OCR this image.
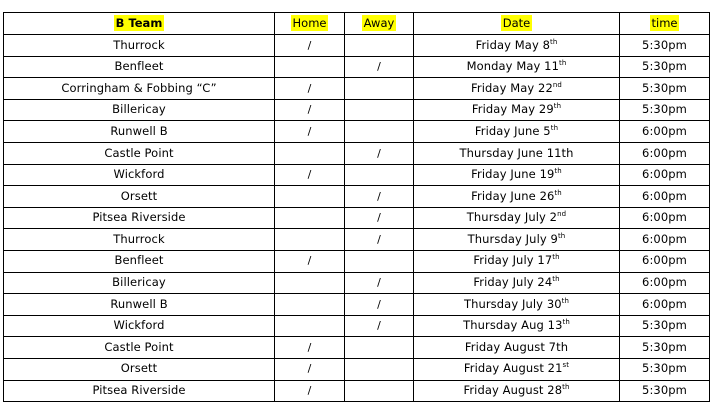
B Team	Home	Away	Date	time
Thurrock	/		Friday May 8th	5:30pm
Benfleet		/	Monday May 11th	5:30pm
Corringham & Fobbing “C”	/		Friday May 22nd	5:30pm
Billericay	/		Friday May 29th	5:30pm
Runwell B	/		Friday June 5th	6:00pm
Castle Point		/	Thursday June 11th	6:00pm
Wickford	/		Friday June 19th	6:00pm
Orsett		/	Friday June 26th	6:00pm
Pitsea Riverside		/	Thursday July 2nd	6:00pm
Thurrock		/	Thursday July 9th	6:00pm
Benfleet	/		Friday July 17th	6:00pm
Billericay		/	Friday July 24th	6:00pm
Runwell B		/	Thursday July 30th	6:00pm
Wickford		/	Thursday Aug 13th	5:30pm
Castle Point	/		Friday August 7th	5:30pm
Orsett	/		Friday August 21st	5:30pm
Pitsea Riverside	/		Friday August 28th	5:30pm
